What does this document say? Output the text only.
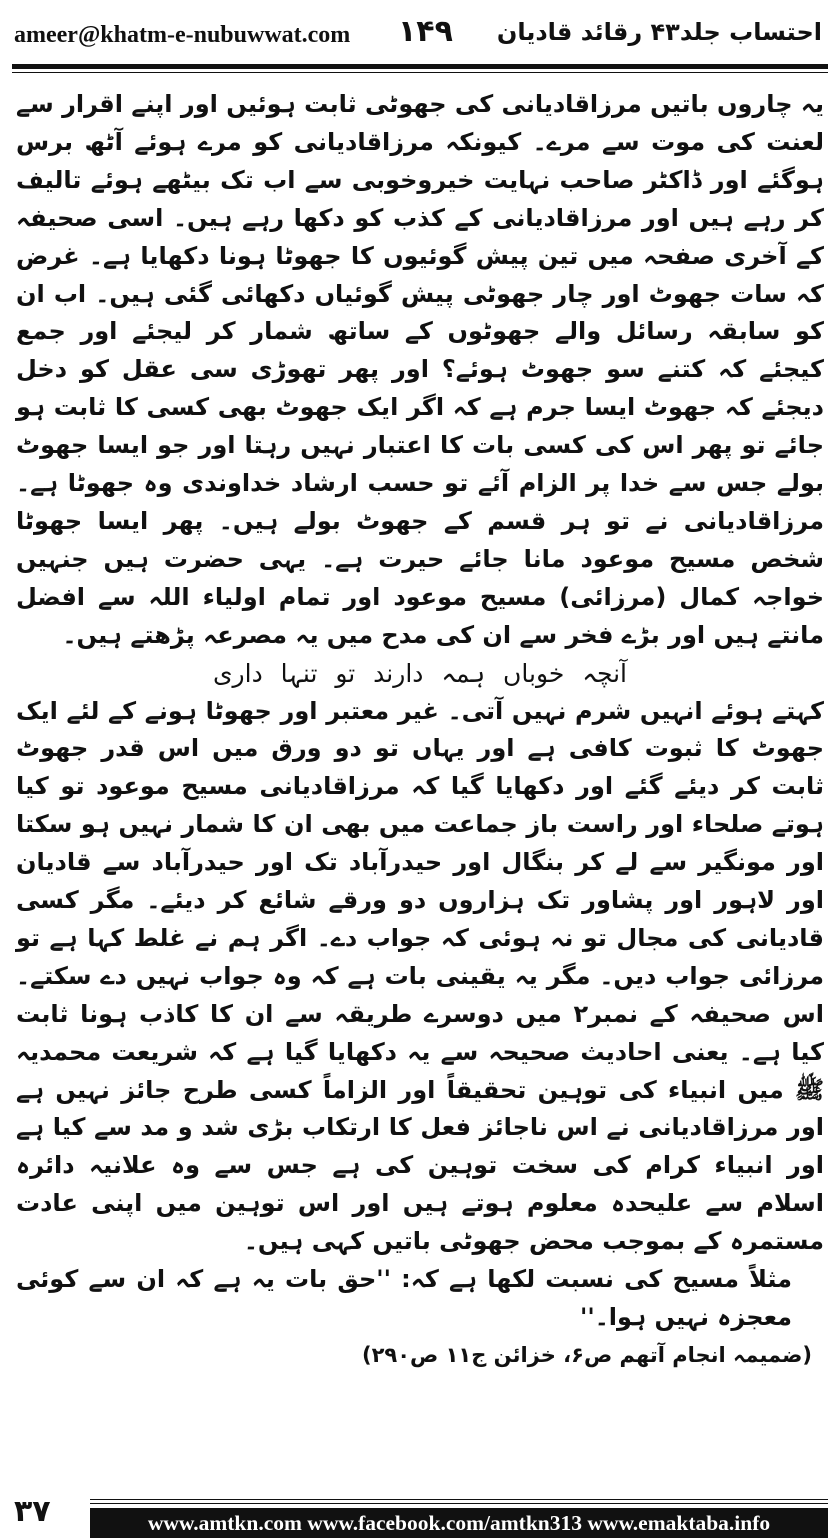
ameer@khatm-e-nubuwwat.com ۱۴۹ احتساب جلد۴۳ رقائد قادیان

یہ چاروں باتیں مرزاقادیانی کی جھوٹی ثابت ہوئیں اور اپنے اقرار سے لعنت کی موت سے مرے۔ کیونکہ مرزاقادیانی کو مرے ہوئے آٹھ برس ہوگئے اور ڈاکٹر صاحب نہایت خیروخوبی سے اب تک بیٹھے ہوئے تالیف کر رہے ہیں اور مرزاقادیانی کے کذب کو دکھا رہے ہیں۔ اسی صحیفہ کے آخری صفحہ میں تین پیش گوئیوں کا جھوٹا ہونا دکھایا ہے۔ غرض کہ سات جھوٹ اور چار جھوٹی پیش گوئیاں دکھائی گئی ہیں۔ اب ان کو سابقہ رسائل والے جھوٹوں کے ساتھ شمار کر لیجئے اور جمع کیجئے کہ کتنے سو جھوٹ ہوئے؟ اور پھر تھوڑی سی عقل کو دخل دیجئے کہ جھوٹ ایسا جرم ہے کہ اگر ایک جھوٹ بھی کسی کا ثابت ہو جائے تو پھر اس کی کسی بات کا اعتبار نہیں رہتا اور جو ایسا جھوٹ بولے جس سے خدا پر الزام آئے تو حسب ارشاد خداوندی وہ جھوٹا ہے۔ مرزاقادیانی نے تو ہر قسم کے جھوٹ بولے ہیں۔ پھر ایسا جھوٹا شخص مسیح موعود مانا جائے حیرت ہے۔ یہی حضرت ہیں جنہیں خواجہ کمال (مرزائی) مسیح موعود اور تمام اولیاء اللہ سے افضل مانتے ہیں اور بڑے فخر سے ان کی مدح میں یہ مصرعہ پڑھتے ہیں۔

آنچہ خوباں ہمہ دارند تو تنہا داری

کہتے ہوئے انہیں شرم نہیں آتی۔ غیر معتبر اور جھوٹا ہونے کے لئے ایک جھوٹ کا ثبوت کافی ہے اور یہاں تو دو ورق میں اس قدر جھوٹ ثابت کر دیئے گئے اور دکھایا گیا کہ مرزاقادیانی مسیح موعود تو کیا ہوتے صلحاء اور راست باز جماعت میں بھی ان کا شمار نہیں ہو سکتا اور مونگیر سے لے کر بنگال اور حیدرآباد تک اور حیدرآباد سے قادیان اور لاہور اور پشاور تک ہزاروں دو ورقے شائع کر دیئے۔ مگر کسی قادیانی کی مجال تو نہ ہوئی کہ جواب دے۔ اگر ہم نے غلط کہا ہے تو مرزائی جواب دیں۔ مگر یہ یقینی بات ہے کہ وہ جواب نہیں دے سکتے۔ اس صحیفہ کے نمبر۲ میں دوسرے طریقہ سے ان کا کاذب ہونا ثابت کیا ہے۔ یعنی احادیث صحیحہ سے یہ دکھایا گیا ہے کہ شریعت محمدیہ ﷺ میں انبیاء کی توہین تحقیقاً اور الزاماً کسی طرح جائز نہیں ہے اور مرزاقادیانی نے اس ناجائز فعل کا ارتکاب بڑی شد و مد سے کیا ہے اور انبیاء کرام کی سخت توہین کی ہے جس سے وہ علانیہ دائرہ اسلام سے علیحدہ معلوم ہوتے ہیں اور اس توہین میں اپنی عادت مستمرہ کے بموجب محض جھوٹی باتیں کہی ہیں۔

مثلاً مسیح کی نسبت لکھا ہے کہ: ''حق بات یہ ہے کہ ان سے کوئی معجزہ نہیں ہوا۔''

(ضمیمہ انجام آتھم ص۶، خزائن ج۱۱ ص۲۹۰)

۳۷	www.amtkn.com www.facebook.com/amtkn313 www.emaktaba.info
